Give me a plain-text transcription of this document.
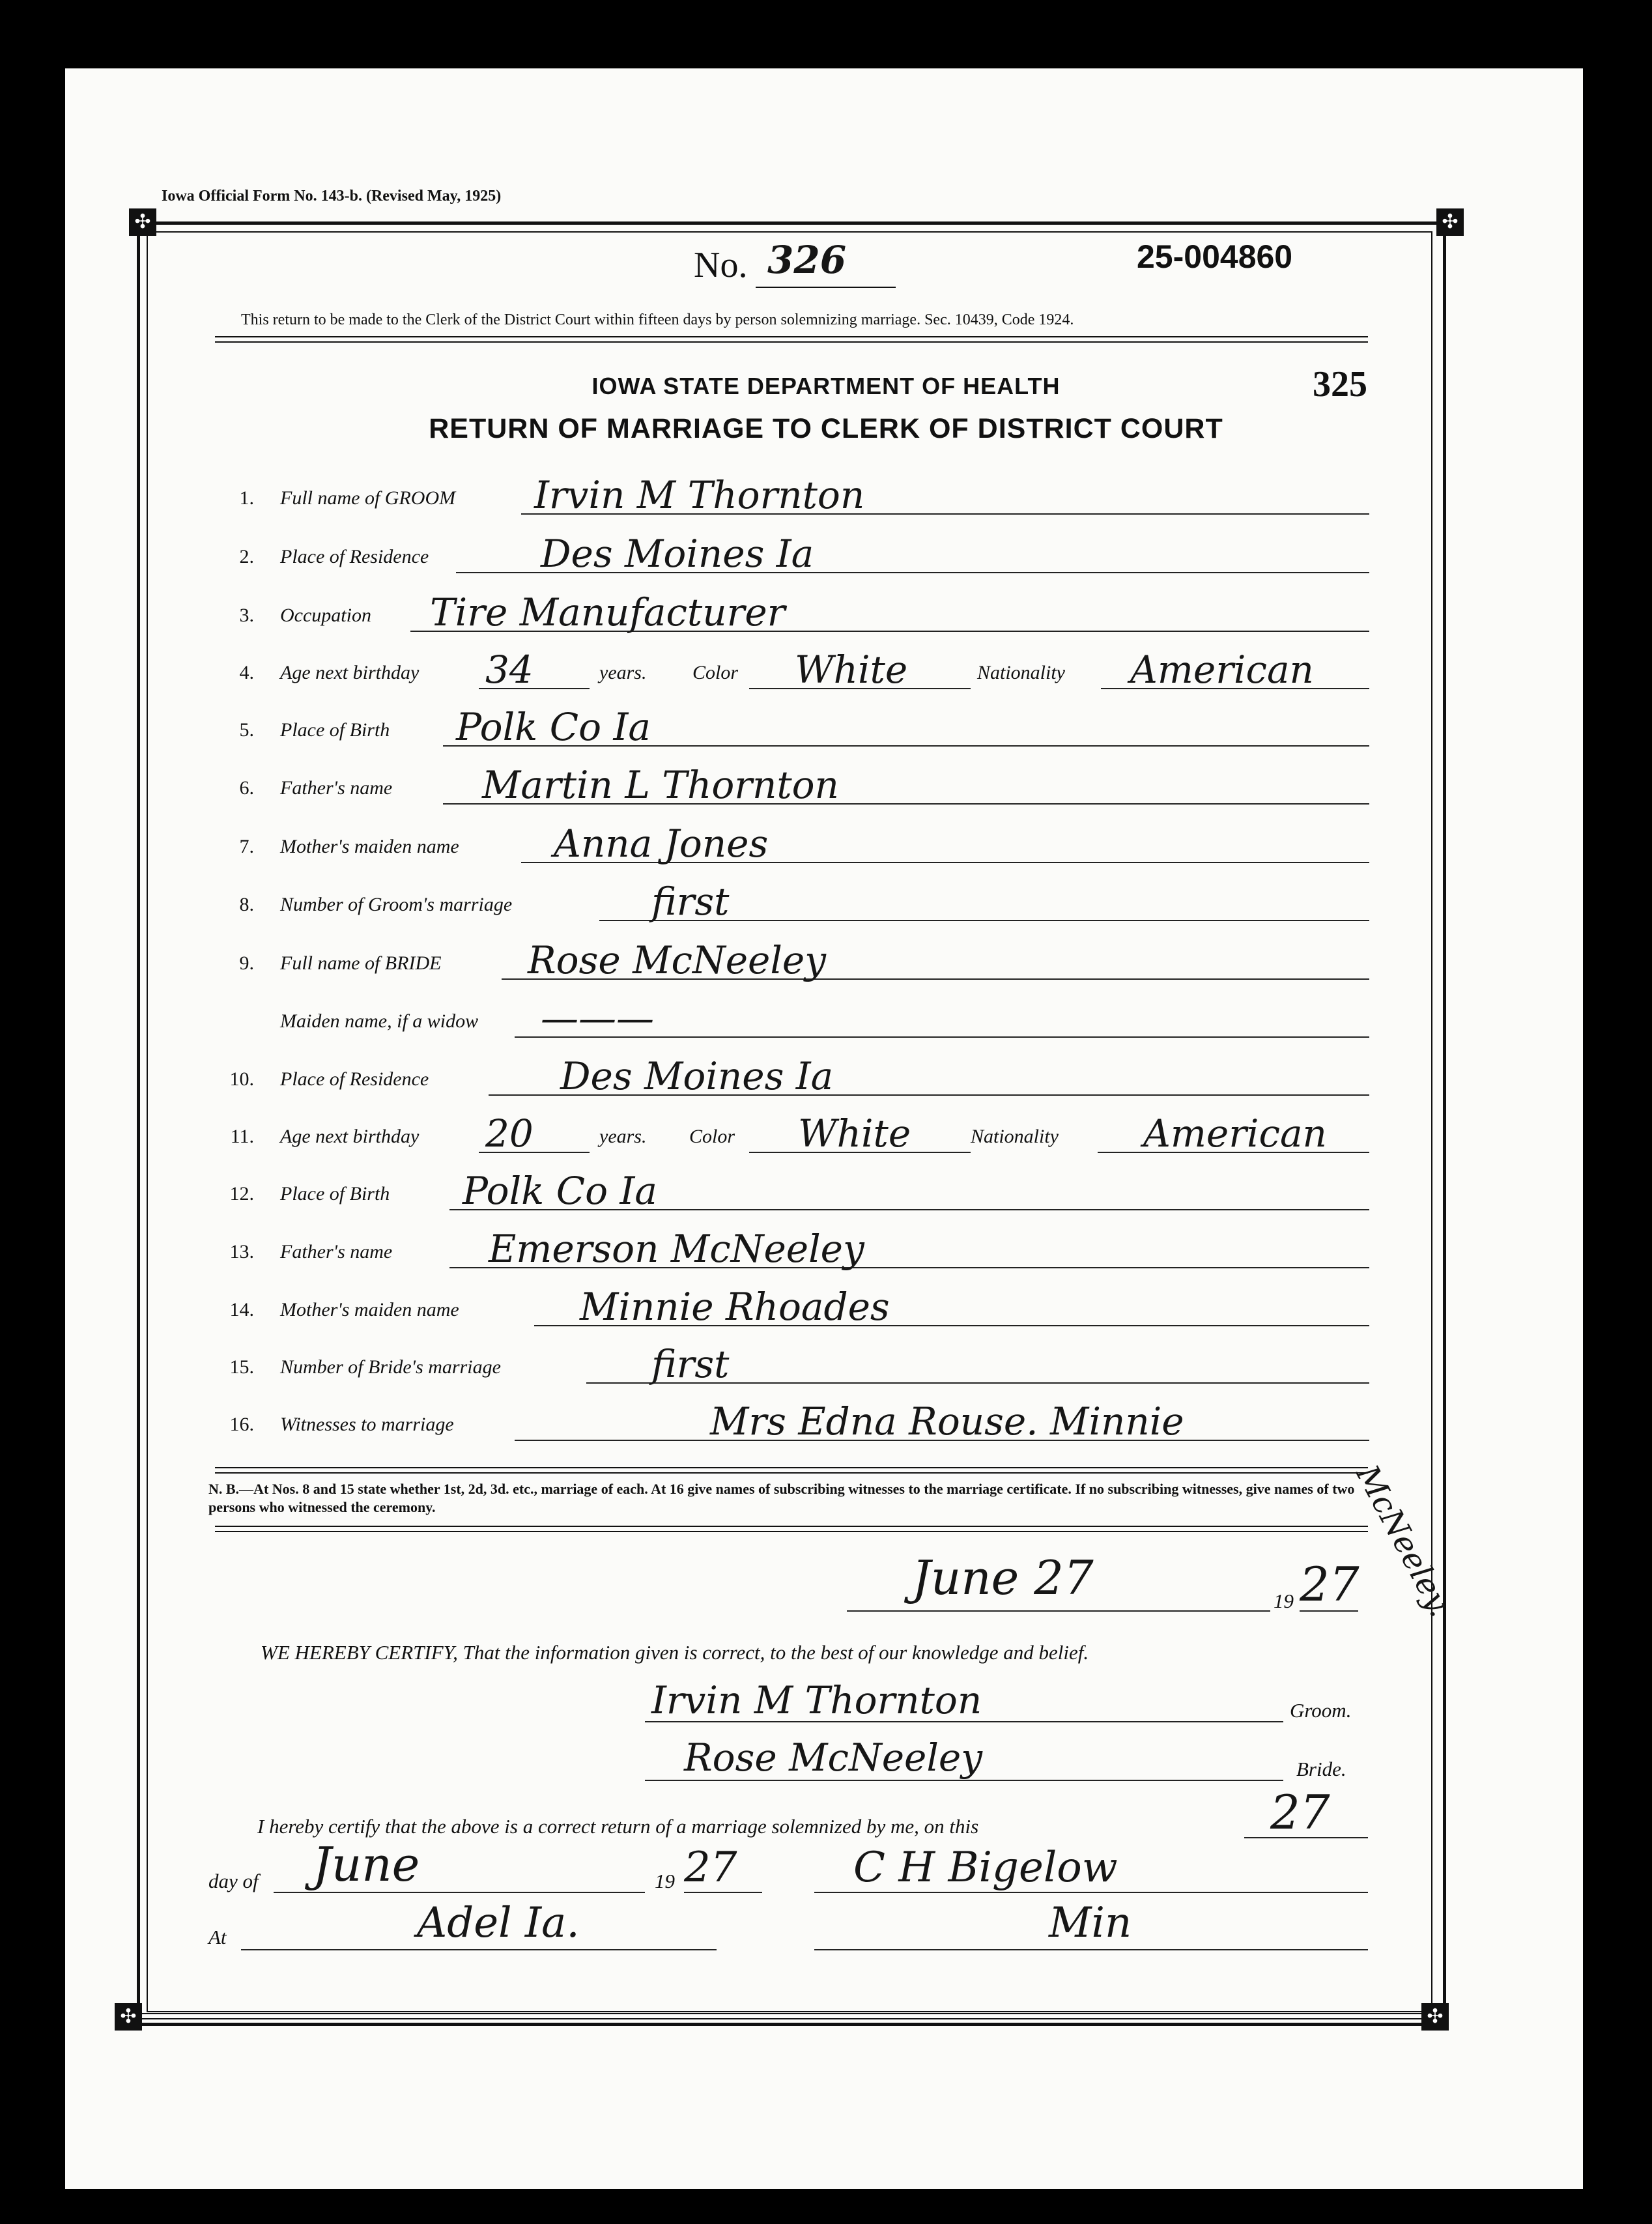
Iowa Official Form No. 143-b. (Revised May, 1925)
✣	✣
✣	✣
No. 326	25-004860
This return to be made to the Clerk of the District Court within fifteen days by person solemnizing marriage. Sec. 10439, Code 1924.
IOWA STATE DEPARTMENT OF HEALTH	325
RETURN OF MARRIAGE TO CLERK OF DISTRICT COURT
1. Full name of GROOM Irvin M Thornton
2. Place of Residence	Des Moines Ia
3. Occupation Tire Manufacturer
4. Age next birthday 34	years. Color White	Nationality American
5. Place of Birth Polk Co Ia
6. Father's name Martin L Thornton
7. Mother's maiden name	Anna Jones
8. Number of Groom's marriage	first
9. Full name of BRIDE Rose McNeeley
Maiden name, if a widow ———
10. Place of Residence	Des Moines Ia
11. Age next birthday 20	years. Color White	Nationality American
12. Place of Birth Polk Co Ia
13. Father's name	Emerson McNeeley
14. Mother's maiden name	Minnie Rhoades
15. Number of Bride's marriage	first
16. Witnesses to marriage	Mrs Edna Rouse. Minnie
McNeeley.
N. B.—At Nos. 8 and 15 state whether 1st, 2d, 3d. etc., marriage of each. At 16 give names of subscribing witnesses to the marriage certificate. If no subscribing witnesses, give names of two persons who witnessed the ceremony.
June 27	19 27
WE HEREBY CERTIFY, That the information given is correct, to the best of our knowledge and belief.
Irvin M Thornton	Groom.
Rose McNeeley	Bride.
I hereby certify that the above is a correct return of a marriage solemnized by me, on this	27
day of June	19 27	C H Bigelow
At	Adel Ia.	Min
